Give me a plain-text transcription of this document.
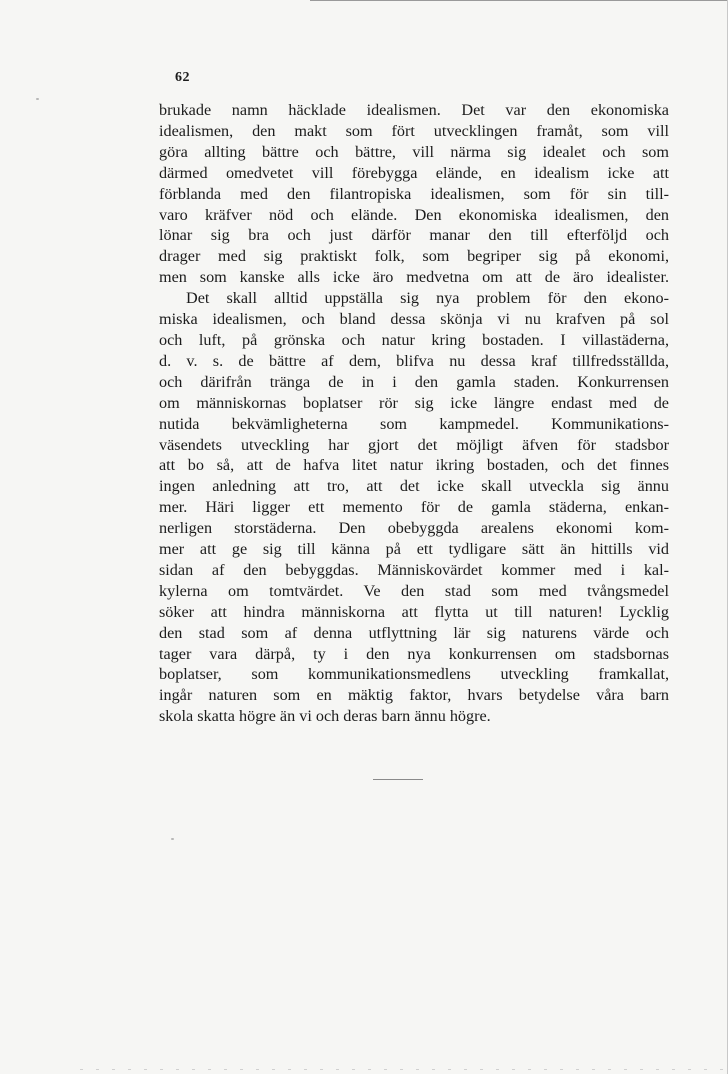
62
brukade namn häcklade idealismen. Det var den ekonomiska
idealismen, den makt som fört utvecklingen framåt, som vill
göra allting bättre och bättre, vill närma sig idealet och som
därmed omedvetet vill förebygga elände, en idealism icke att
förblanda med den filantropiska idealismen, som för sin till-
varo kräfver nöd och elände. Den ekonomiska idealismen, den
lönar sig bra och just därför manar den till efterföljd och
drager med sig praktiskt folk, som begriper sig på ekonomi,
men som kanske alls icke äro medvetna om att de äro idealister.
Det skall alltid uppställa sig nya problem för den ekono-
miska idealismen, och bland dessa skönja vi nu krafven på sol
och luft, på grönska och natur kring bostaden. I villastäderna,
d. v. s. de bättre af dem, blifva nu dessa kraf tillfredsställda,
och därifrån tränga de in i den gamla staden. Konkurrensen
om människornas boplatser rör sig icke längre endast med de
nutida bekvämligheterna som kampmedel. Kommunikations-
väsendets utveckling har gjort det möjligt äfven för stadsbor
att bo så, att de hafva litet natur ikring bostaden, och det finnes
ingen anledning att tro, att det icke skall utveckla sig ännu
mer. Häri ligger ett memento för de gamla städerna, enkan-
nerligen storstäderna. Den obebyggda arealens ekonomi kom-
mer att ge sig till känna på ett tydligare sätt än hittills vid
sidan af den bebyggdas. Människovärdet kommer med i kal-
kylerna om tomtvärdet. Ve den stad som med tvångsmedel
söker att hindra människorna att flytta ut till naturen! Lycklig
den stad som af denna utflyttning lär sig naturens värde och
tager vara därpå, ty i den nya konkurrensen om stadsbornas
boplatser, som kommunikationsmedlens utveckling framkallat,
ingår naturen som en mäktig faktor, hvars betydelse våra barn
skola skatta högre än vi och deras barn ännu högre.
